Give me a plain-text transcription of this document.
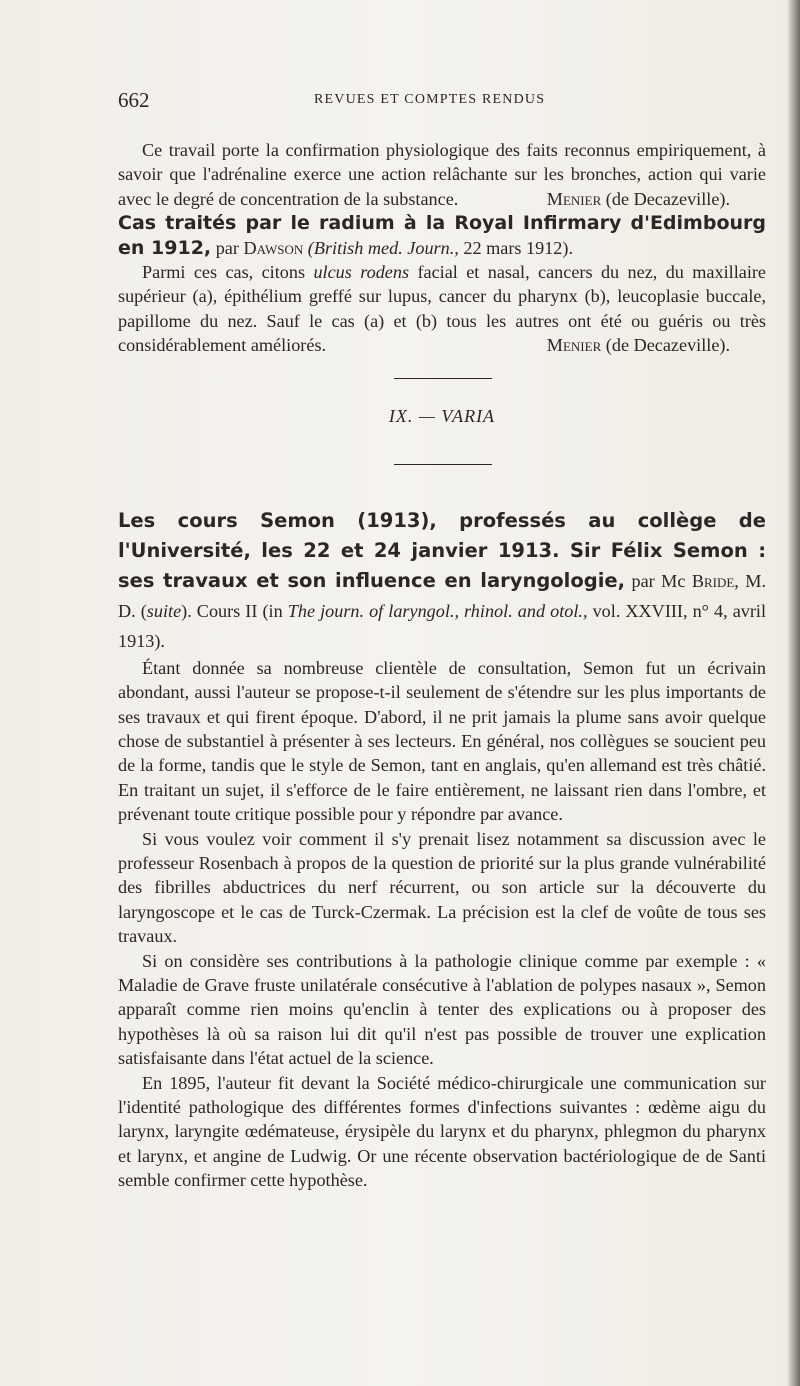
662	REVUES ET COMPTES RENDUS

Ce travail porte la confirmation physiologique des faits reconnus empiriquement, à savoir que l'adrénaline exerce une action relâchante sur les bronches, action qui varie avec le degré de concentration de la substance.	Menier (de Decazeville).

Cas traités par le radium à la Royal Infirmary d'Edimbourg en 1912, par Dawson (British med. Journ., 22 mars 1912).

Parmi ces cas, citons ulcus rodens facial et nasal, cancers du nez, du maxillaire supérieur (a), épithélium greffé sur lupus, cancer du pharynx (b), leucoplasie buccale, papillome du nez. Sauf le cas (a) et (b) tous les autres ont été ou guéris ou très considérablement améliorés.	Menier (de Decazeville).

IX. — VARIA

Les cours Semon (1913), professés au collège de l'Université, les 22 et 24 janvier 1913. Sir Félix Semon : ses travaux et son influence en laryngologie, par Mc Bride, M. D. (suite). Cours II (in The journ. of laryngol., rhinol. and otol., vol. XXVIII, n° 4, avril 1913).

Étant donnée sa nombreuse clientèle de consultation, Semon fut un écrivain abondant, aussi l'auteur se propose-t-il seulement de s'étendre sur les plus importants de ses travaux et qui firent époque. D'abord, il ne prit jamais la plume sans avoir quelque chose de substantiel à présenter à ses lecteurs. En général, nos collègues se soucient peu de la forme, tandis que le style de Semon, tant en anglais, qu'en allemand est très châtié. En traitant un sujet, il s'efforce de le faire entièrement, ne laissant rien dans l'ombre, et prévenant toute critique possible pour y répondre par avance.

Si vous voulez voir comment il s'y prenait lisez notamment sa discussion avec le professeur Rosenbach à propos de la question de priorité sur la plus grande vulnérabilité des fibrilles abductrices du nerf récurrent, ou son article sur la découverte du laryngoscope et le cas de Turck-Czermak. La précision est la clef de voûte de tous ses travaux.

Si on considère ses contributions à la pathologie clinique comme par exemple : « Maladie de Grave fruste unilatérale consécutive à l'ablation de polypes nasaux », Semon apparaît comme rien moins qu'enclin à tenter des explications ou à proposer des hypothèses là où sa raison lui dit qu'il n'est pas possible de trouver une explication satisfaisante dans l'état actuel de la science.

En 1895, l'auteur fit devant la Société médico-chirurgicale une communication sur l'identité pathologique des différentes formes d'infections suivantes : œdème aigu du larynx, laryngite œdémateuse, érysipèle du larynx et du pharynx, phlegmon du pharynx et larynx, et angine de Ludwig. Or une récente observation bactériologique de de Santi semble confirmer cette hypothèse.
